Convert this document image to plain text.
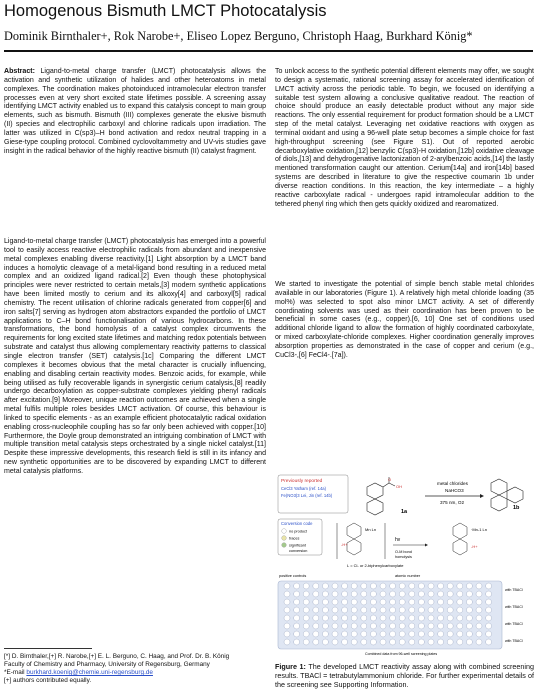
Homogenous Bismuth LMCT Photocatalysis
Dominik Birnthaler+, Rok Narobe+, Eliseo Lopez Berguno, Christoph Haag, Burkhard König*

Abstract: Ligand-to-metal charge transfer (LMCT) photocatalysis allows the activation and synthetic utilization of halides and other heteroatoms in metal complexes. The coordination makes photoinduced intramolecular electron transfer processes even at very short excited state lifetimes possible. A screening assay identifying LMCT activity enabled us to expand this catalysis concept to main group elements, such as bismuth. Bismuth (III) complexes generate the elusive bismuth (II) species and electrophilic carboxyl and chlorine radicals upon irradiation. The latter was utilized in C(sp3)–H bond activation and redox neutral trapping in a Giese-type coupling protocol. Combined cyclovoltammetry and UV-vis studies gave insight in the radical behavior of the highly reactive bismuth (II) catalyst fragment.

Ligand-to-metal charge transfer (LMCT) photocatalysis has emerged into a powerful tool to easily access reactive electrophilic radicals from abundant and inexpensive metal complexes enabling diverse reactivity.[1] Light absorption by a LMCT band induces a homolytic cleavage of a metal-ligand bond resulting in a reduced metal complex and an oxidized ligand radical.[2] Even though these photophysical principles were never restricted to certain metals,[3] modern synthetic applications have been limited mostly to cerium and its alkoxy[4] and carboxyl[5] radical chemistry. The recent utilisation of chlorine radicals generated from copper[6] and iron salts[7] serving as hydrogen atom abstractors expanded the portfolio of LMCT applications to C–H bond functionalisation of various hydrocarbons. In these transformations, the bond homolysis of a catalyst complex circumvents the requirements for long excited state lifetimes and matching redox potentials between substrate and catalyst thus allowing complementary reactivity patterns to classical single electron transfer (SET) catalysis.[1c] Comparing the different LMCT complexes it becomes obvious that the metal character is crucially influencing, enabling and disabling certain reactivity modes. Benzoic acids, for example, while being utilised as fully recoverable ligands in synergistic cerium catalysis,[8] readily undergo decarboxylation as copper-substrate complexes yielding phenyl radicals after excitation.[9] Moreover, unique reaction outcomes are achieved when a single metal fulfils multiple roles besides LMCT activation. Of course, this behaviour is linked to specific elements - as an example efficient photocatalytic radical oxidation enabling cross-nucleophile coupling has so far only been achieved with copper.[10] Furthermore, the Doyle group demonstrated an intriguing combination of LMCT with multiple transition metal catalysis steps orchestrated by a single nickel catalyst.[11] Despite these impressive developments, this research field is still in its infancy and new synthetic opportunities are to be discovered by expanding LMCT to different metal catalysis platforms.

To unlock access to the synthetic potential different elements may offer, we sought to design a systematic, rational screening assay for accelerated identification of LMCT activity across the periodic table. To begin, we focused on identifying a suitable test system allowing a conclusive qualitative readout. The reaction of choice should produce an easily detectable product without any major side reactions. The only essential requirement for product formation should be a LMCT step of the metal catalyst. Leveraging net oxidative reactions with oxygen as terminal oxidant and using a 96-well plate setup becomes a simple choice for fast high-throughput screening (see Figure S1). Out of reported aerobic decarboxylative oxidation,[12] benzylic C(sp3)-H oxidation,[12b] oxidative cleavage of diols,[13] and dehydrogenative lactonization of 2-arylbenzoic acids,[14] the lastly mentioned transformation caught our attention. Cerium[14a] and iron[14b] based systems are described in literature to give the respective coumarin 1b under diverse reaction conditions. In this reaction, the key intermediate – a highly reactive carboxylate radical - undergoes rapid intramolecular addition to the tethered phenyl ring which then gets quickly oxidized and rearomatized.

We started to investigate the potential of simple bench stable metal chlorides available in our laboratories (Figure 1). A relatively high metal chloride loading (35 mol%) was selected to spot also minor LMCT activity. A set of differently coordinating solvents was used as their coordination has been proven to be beneficial in some cases (e.g., copper).[6, 10] One set of conditions used additional chloride ligand to allow the formation of highly coordinated carboxylate, or mixed carboxylate-chloride complexes. Higher coordination generally improves absorption properties as demonstrated in the case of copper and cerium (e.g., CuCl3-,[6] FeCl4-.[7a]).

[*] D. Birnthaler,[+] R. Narobe,[+] E. L. Berguno, C. Haag, and Prof. Dr. B. König

Faculty of Chemistry and Pharmacy, University of Regensburg, Germany

*E-mail burkhard.koenig@chemie.uni-regensburg.de

[+] authors contributed equally.

Previously reported
CeCl3 Yatham (ref. 14a)
Fe(NO3)3 Lei, Jin (ref. 14b)
O
OH
1a
metal chlorides
NaHCO3
375 nm, O2
1b
Conversion code
no product
traces
significant
conversion
-H+
Mn Ln
hν
O-M bond
homolysis
·Mn-1 Ln
-H+
L = Cl- or 2-biphenylcarboxylate
positive controls	atomic number
with TBACl
with TBACl
with TBACl
with TBACl
Combined data from 96-well screening plates

Figure 1: The developed LMCT reactivity assay along with combined screening results. TBACl = tetrabutylammonium chloride. For further experimental details of the screening see Supporting Information.
